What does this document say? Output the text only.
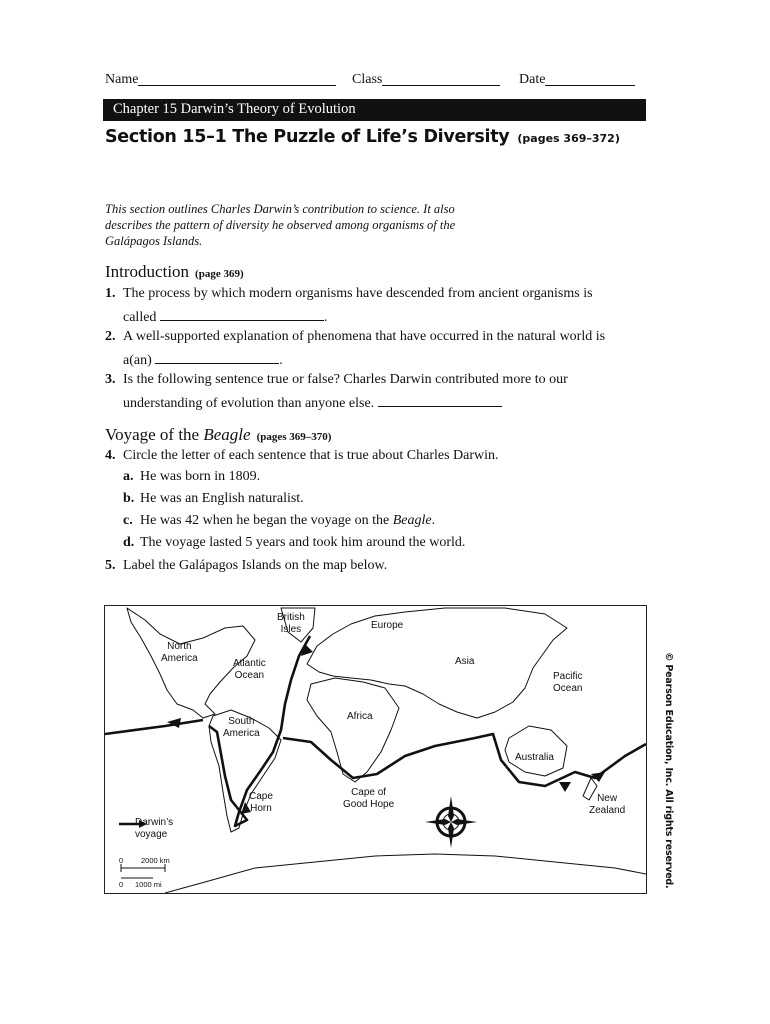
Name	Class	Date
Chapter 15 Darwin’s Theory of Evolution
Section 15–1 The Puzzle of Life’s Diversity (pages 369–372)
This section outlines Charles Darwin’s contribution to science. It also describes the pattern of diversity he observed among organisms of the Galápagos Islands.
Introduction (page 369)
1. The process by which modern organisms have descended from ancient organisms is
called	.
2. A well-supported explanation of phenomena that have occurred in the natural world is
a(an)	.
3. Is the following sentence true or false? Charles Darwin contributed more to our
understanding of evolution than anyone else.
Voyage of the Beagle (pages 369–370)
4. Circle the letter of each sentence that is true about Charles Darwin.
a. He was born in 1809.
b. He was an English naturalist.
c. He was 42 when he began the voyage on the Beagle.
d. The voyage lasted 5 years and took him around the world.
5. Label the Galápagos Islands on the map below.
British
Isles	Europe
North
America	Atlantic
Ocean
Asia
Pacific
Ocean
Africa
South
America
Australia
Cape
Horn
Cape of
Good Hope
New
Zealand
Darwin’s
voyage
0 2000 km
0 1000 mi	© Pearson Education, Inc. All rights reserved.
